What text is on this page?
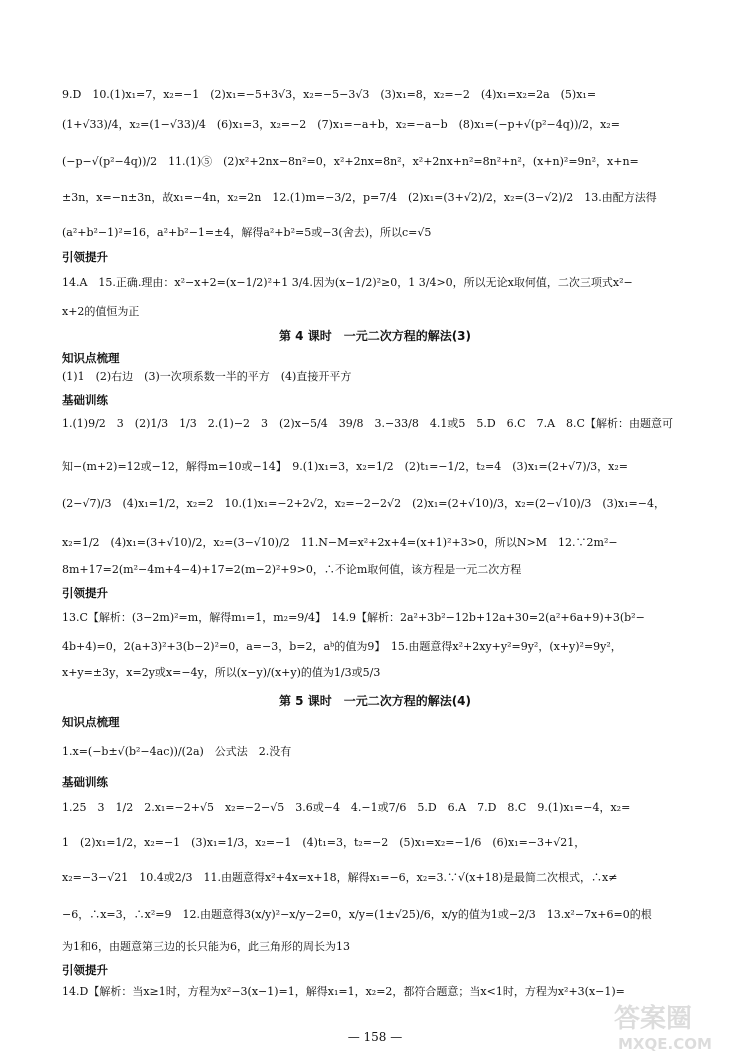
9.D　10.(1)x₁=7，x₂=−1　(2)x₁=−5+3√3，x₂=−5−3√3　(3)x₁=8，x₂=−2　(4)x₁=x₂=2a　(5)x₁=
(1+√33)/4，x₂=(1−√33)/4　(6)x₁=3，x₂=−2　(7)x₁=−a+b，x₂=−a−b　(8)x₁=(−p+√(p²−4q))/2，x₂=
(−p−√(p²−4q))/2　11.(1)⑤　(2)x²+2nx−8n²=0，x²+2nx=8n²，x²+2nx+n²=8n²+n²，(x+n)²=9n²，x+n=
±3n，x=−n±3n，故x₁=−4n，x₂=2n　12.(1)m=−3/2，p=7/4　(2)x₁=(3+√2)/2，x₂=(3−√2)/2　13.由配方法得
(a²+b²−1)²=16，a²+b²−1=±4，解得a²+b²=5或−3(舍去)，所以c=√5
引领提升
14.A　15.正确.理由：x²−x+2=(x−1/2)²+1 3/4.因为(x−1/2)²≥0，1 3/4>0，所以无论x取何值，二次三项式x²−
x+2的值恒为正
第 4 课时　一元二次方程的解法(3)
知识点梳理
(1)1　(2)右边　(3)一次项系数一半的平方　(4)直接开平方
基础训练
1.(1)9/2　3　(2)1/3　1/3　2.(1)−2　3　(2)x−5/4　39/8　3.−33/8　4.1或5　5.D　6.C　7.A　8.C【解析：由题意可
知−(m+2)=12或−12，解得m=10或−14】　9.(1)x₁=3，x₂=1/2　(2)t₁=−1/2，t₂=4　(3)x₁=(2+√7)/3，x₂=
(2−√7)/3　(4)x₁=1/2，x₂=2　10.(1)x₁=−2+2√2，x₂=−2−2√2　(2)x₁=(2+√10)/3，x₂=(2−√10)/3　(3)x₁=−4，
x₂=1/2　(4)x₁=(3+√10)/2，x₂=(3−√10)/2　11.N−M=x²+2x+4=(x+1)²+3>0，所以N>M　12.∵2m²−
8m+17=2(m²−4m+4−4)+17=2(m−2)²+9>0，∴不论m取何值，该方程是一元二次方程
引领提升
13.C【解析：(3−2m)²=m，解得m₁=1，m₂=9/4】　14.9【解析：2a²+3b²−12b+12a+30=2(a²+6a+9)+3(b²−
4b+4)=0，2(a+3)²+3(b−2)²=0，a=−3，b=2，aᵇ的值为9】　15.由题意得x²+2xy+y²=9y²，(x+y)²=9y²，
x+y=±3y，x=2y或x=−4y，所以(x−y)/(x+y)的值为1/3或5/3
第 5 课时　一元二次方程的解法(4)
知识点梳理
1.x=(−b±√(b²−4ac))/(2a)　公式法　2.没有
基础训练
1.25　3　1/2　2.x₁=−2+√5　x₂=−2−√5　3.6或−4　4.−1或7/6　5.D　6.A　7.D　8.C　9.(1)x₁=−4，x₂=
1　(2)x₁=1/2，x₂=−1　(3)x₁=1/3，x₂=−1　(4)t₁=3，t₂=−2　(5)x₁=x₂=−1/6　(6)x₁=−3+√21，
x₂=−3−√21　10.4或2/3　11.由题意得x²+4x=x+18，解得x₁=−6，x₂=3.∵√(x+18)是最简二次根式，∴x≠
−6，∴x=3，∴x²=9　12.由题意得3(x/y)²−x/y−2=0，x/y=(1±√25)/6，x/y的值为1或−2/3　13.x²−7x+6=0的根
为1和6，由题意第三边的长只能为6，此三角形的周长为13
引领提升
14.D【解析：当x≥1时，方程为x²−3(x−1)=1，解得x₁=1，x₂=2，都符合题意；当x<1时，方程为x²+3(x−1)=
— 158 —
答案圈
MXQE.COM
